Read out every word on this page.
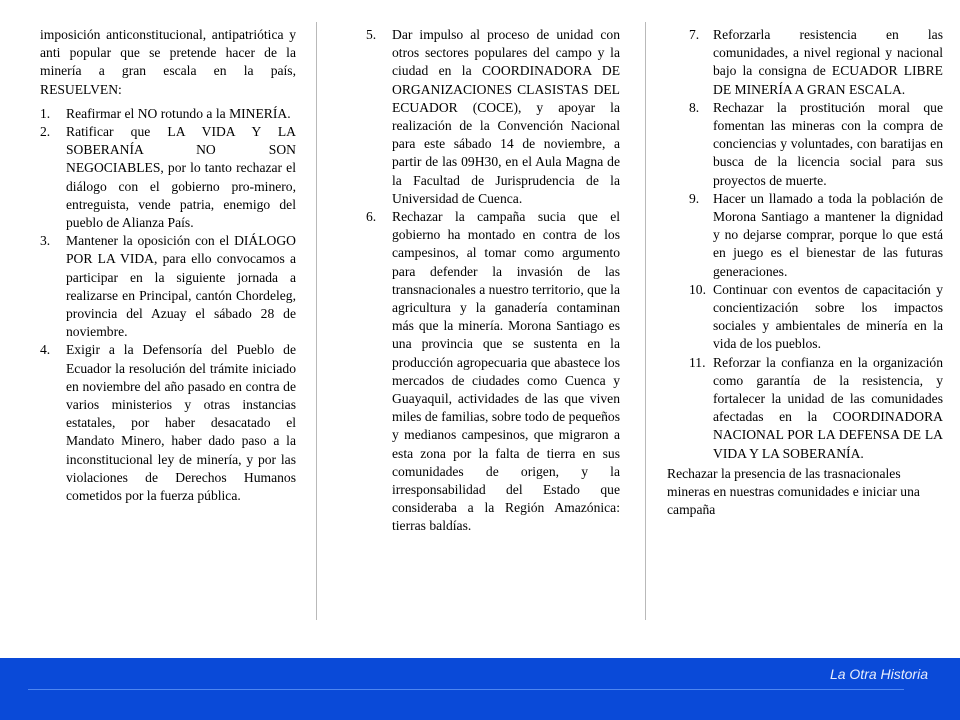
imposición anticonstitucional, antipatriótica y anti popular que se pretende hacer de la minería a gran escala en la país, RESUELVEN:

1. Reafirmar el NO rotundo a la MINERÍA.
2. Ratificar que LA VIDA Y LA SOBERANÍA NO SON NEGOCIABLES, por lo tanto rechazar el diálogo con el gobierno pro-minero, entreguista, vende patria, enemigo del pueblo de Alianza País.
3. Mantener la oposición con el DIÁLOGO POR LA VIDA, para ello convocamos a participar en la siguiente jornada a realizarse en Principal, cantón Chordeleg, provincia del Azuay el sábado 28 de noviembre.
4. Exigir a la Defensoría del Pueblo de Ecuador la resolución del trámite iniciado en noviembre del año pasado en contra de varios ministerios y otras instancias estatales, por haber desacatado el Mandato Minero, haber dado paso a la inconstitucional ley de minería, y por las violaciones de Derechos Humanos cometidos por la fuerza pública.
5. Dar impulso al proceso de unidad con otros sectores populares del campo y la ciudad en la COORDINADORA DE ORGANIZACIONES CLASISTAS DEL ECUADOR (COCE), y apoyar la realización de la Convención Nacional para este sábado 14 de noviembre, a partir de las 09H30, en el Aula Magna de la Facultad de Jurisprudencia de la Universidad de Cuenca.
6. Rechazar la campaña sucia que el gobierno ha montado en contra de los campesinos, al tomar como argumento para defender la invasión de las transnacionales a nuestro territorio, que la agricultura y la ganadería contaminan más que la minería. Morona Santiago es una provincia que se sustenta en la producción agropecuaria que abastece los mercados de ciudades como Cuenca y Guayaquil, actividades de las que viven miles de familias, sobre todo de pequeños y medianos campesinos, que migraron a esta zona por la falta de tierra en sus comunidades de origen, y la irresponsabilidad del Estado que consideraba a la Región Amazónica: tierras baldías.
7. Reforzarla resistencia en las comunidades, a nivel regional y nacional bajo la consigna de ECUADOR LIBRE DE MINERÍA A GRAN ESCALA.
8. Rechazar la prostitución moral que fomentan las mineras con la compra de conciencias y voluntades, con baratijas en busca de la licencia social para sus proyectos de muerte.
9. Hacer un llamado a toda la población de Morona Santiago a mantener la dignidad y no dejarse comprar, porque lo que está en juego es el bienestar de las futuras generaciones.
10. Continuar con eventos de capacitación y concientización sobre los impactos sociales y ambientales de minería en la vida de los pueblos.
11. Reforzar la confianza en la organización como garantía de la resistencia, y fortalecer la unidad de las comunidades afectadas en la COORDINADORA NACIONAL POR LA DEFENSA DE LA VIDA Y LA SOBERANÍA.

Rechazar la presencia de las trasnacionales mineras en nuestras comunidades e iniciar una campaña

La Otra Historia
